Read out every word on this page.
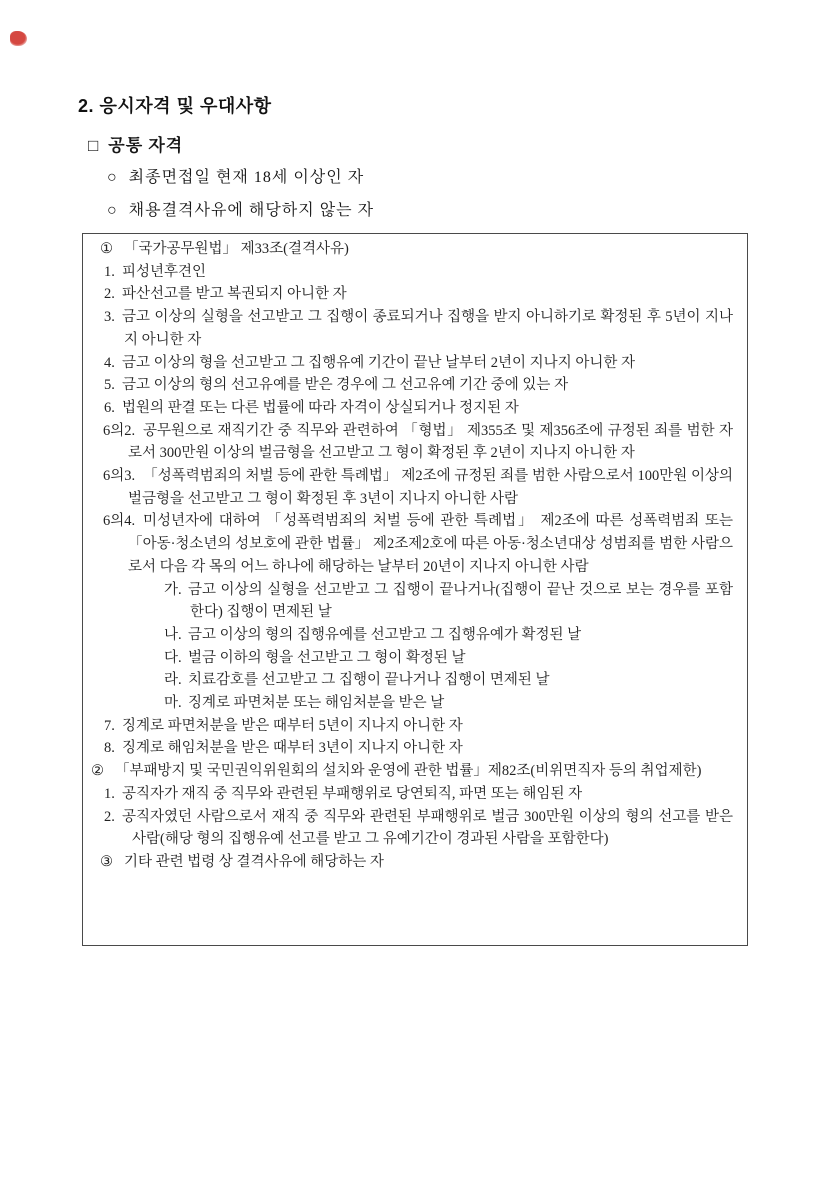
2. 응시자격 및 우대사항
□ 공통 자격
○ 최종면접일 현재 18세 이상인 자
○ 채용결격사유에 해당하지 않는 자
① 「국가공무원법」 제33조(결격사유)
1. 피성년후견인
2. 파산선고를 받고 복권되지 아니한 자
3. 금고 이상의 실형을 선고받고 그 집행이 종료되거나 집행을 받지 아니하기로 확정된 후 5년이 지나지 아니한 자
4. 금고 이상의 형을 선고받고 그 집행유예 기간이 끝난 날부터 2년이 지나지 아니한 자
5. 금고 이상의 형의 선고유예를 받은 경우에 그 선고유예 기간 중에 있는 자
6. 법원의 판결 또는 다른 법률에 따라 자격이 상실되거나 정지된 자
6의2. 공무원으로 재직기간 중 직무와 관련하여 「형법」 제355조 및 제356조에 규정된 죄를 범한 자로서 300만원 이상의 벌금형을 선고받고 그 형이 확정된 후 2년이 지나지 아니한 자
6의3. 「성폭력범죄의 처벌 등에 관한 특례법」 제2조에 규정된 죄를 범한 사람으로서 100만원 이상의 벌금형을 선고받고 그 형이 확정된 후 3년이 지나지 아니한 사람
6의4. 미성년자에 대하여 「성폭력범죄의 처벌 등에 관한 특례법」 제2조에 따른 성폭력범죄 또는 「아동·청소년의 성보호에 관한 법률」 제2조제2호에 따른 아동·청소년대상 성범죄를 범한 사람으로서 다음 각 목의 어느 하나에 해당하는 날부터 20년이 지나지 아니한 사람
가. 금고 이상의 실형을 선고받고 그 집행이 끝나거나(집행이 끝난 것으로 보는 경우를 포함한다) 집행이 면제된 날
나. 금고 이상의 형의 집행유예를 선고받고 그 집행유예가 확정된 날
다. 벌금 이하의 형을 선고받고 그 형이 확정된 날
라. 치료감호를 선고받고 그 집행이 끝나거나 집행이 면제된 날
마. 징계로 파면처분 또는 해임처분을 받은 날
7. 징계로 파면처분을 받은 때부터 5년이 지나지 아니한 자
8. 징계로 해임처분을 받은 때부터 3년이 지나지 아니한 자
② 「부패방지 및 국민권익위원회의 설치와 운영에 관한 법률」제82조(비위면직자 등의 취업제한)
1. 공직자가 재직 중 직무와 관련된 부패행위로 당연퇴직, 파면 또는 해임된 자
2. 공직자였던 사람으로서 재직 중 직무와 관련된 부패행위로 벌금 300만원 이상의 형의 선고를 받은 사람(해당 형의 집행유예 선고를 받고 그 유예기간이 경과된 사람을 포함한다)
③ 기타 관련 법령 상 결격사유에 해당하는 자
